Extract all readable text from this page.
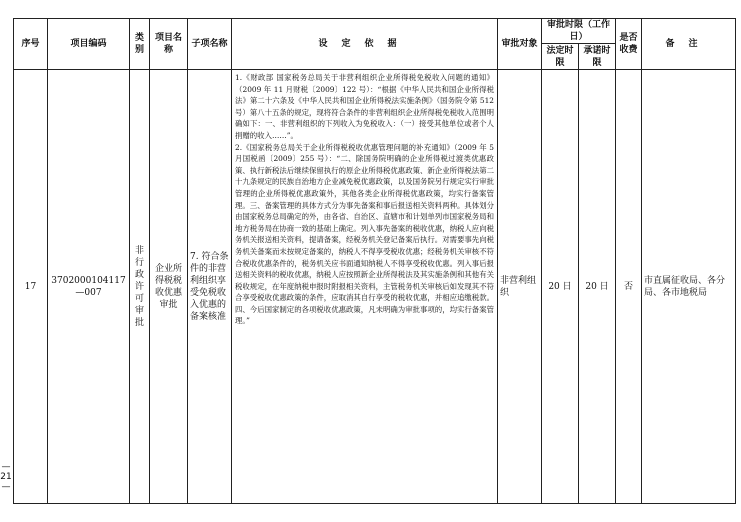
— 21 —
序号	项目编码	类别	项目名称	子项名称	设定依据	审批对象	审批时限（工作日）		是否收费	备注
							法定时限	承诺时限		
17	3702000104117—007	非行政许可审批	企业所得税税收优惠审批	7. 符合条件的非营利组织享受免税收入优惠的备案核准	1.《财政部 国家税务总局关于非营利组织企业所得税免税收入问题的通知》（2009 年 11 月财税〔2009〕122 号）：“根据《中华人民共和国企业所得税法》第二十六条及《中华人民共和国企业所得税法实施条例》（国务院令第 512 号）第八十五条的规定，现将符合条件的非营利组织企业所得税免税收入范围明确如下：一、非营利组织的下列收入为免税收入：（一）接受其他单位或者个人捐赠的收入……”。

2.《国家税务总局关于企业所得税税收优惠管理问题的补充通知》（2009 年 5 月国税函〔2009〕255 号）：“二、除国务院明确的企业所得税过渡类优惠政策、执行新税法后继续保留执行的原企业所得税优惠政策、新企业所得税法第二十九条规定的民族自治地方企业减免税优惠政策，以及国务院另行规定实行审批管理的企业所得税优惠政策外，其他各类企业所得税优惠政策，均实行备案管理。三、备案管理的具体方式分为事先备案和事后报送相关资料两种。具体划分由国家税务总局确定的外，由各省、自治区、直辖市和计划单列市国家税务局和地方税务局在协商一致的基础上确定。列入事先备案的税收优惠，纳税人应向税务机关报送相关资料，提请备案，经税务机关登记备案后执行。对需要事先向税务机关备案而未按规定备案的，纳税人不得享受税收优惠；经税务机关审核不符合税收优惠条件的，税务机关应书面通知纳税人不得享受税收优惠。列入事后报送相关资料的税收优惠，纳税人应按照新企业所得税法及其实施条例和其他有关税收规定，在年度纳税申报时附报相关资料，主管税务机关审核后如发现其不符合享受税收优惠政策的条件，应取消其自行享受的税收优惠，并相应追缴税款。四、今后国家制定的各项税收优惠政策，凡未明确为审批事项的，均实行备案管理。”	非营利组织	20 日	20 日	否	市直属征收局、各分局、各市地税局
